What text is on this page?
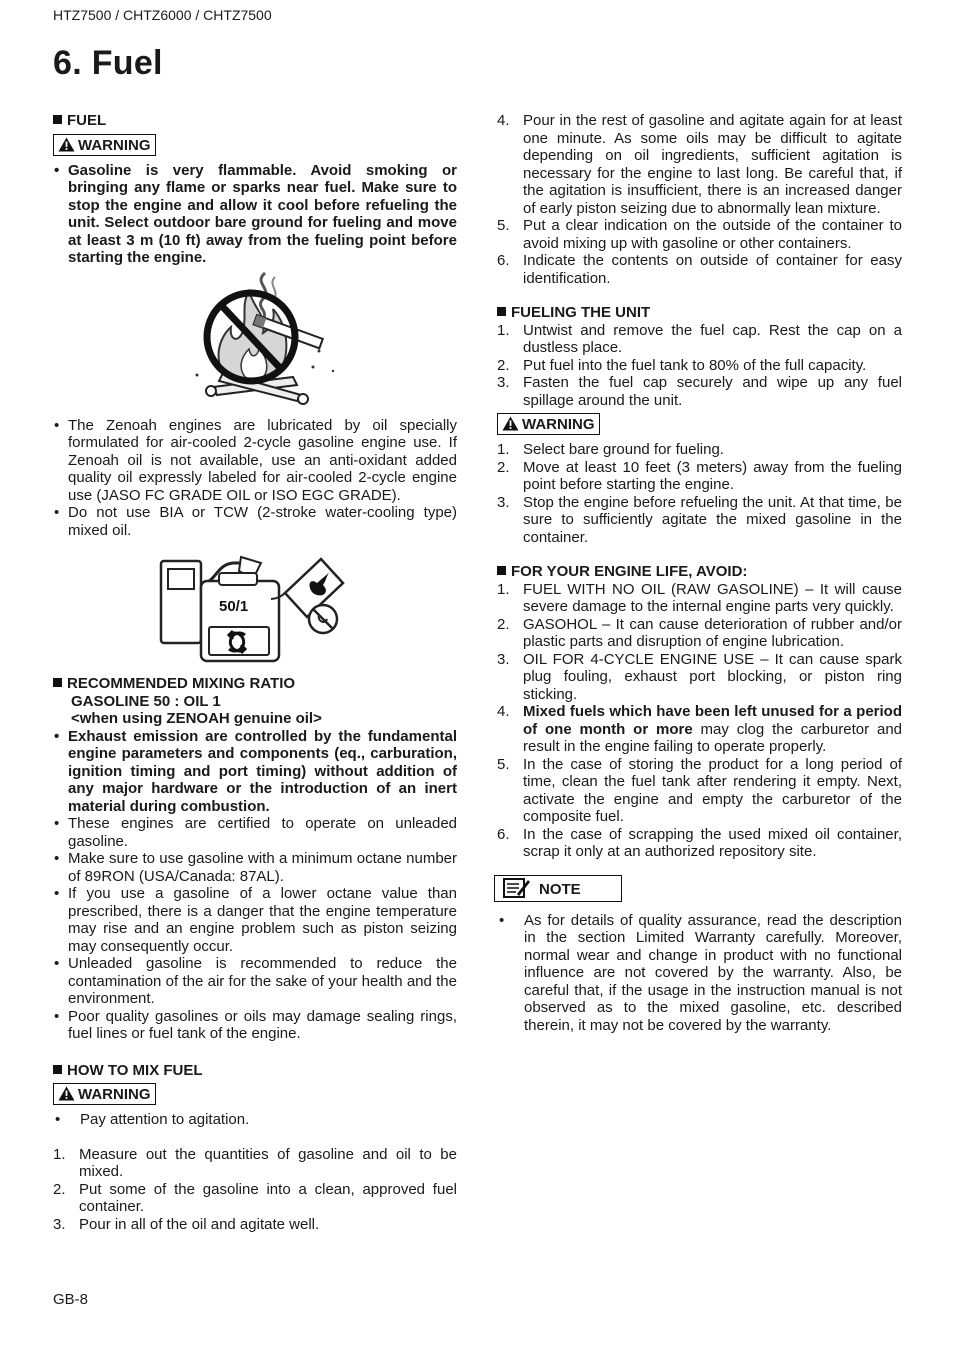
HTZ7500 / CHTZ6000 / CHTZ7500
6. Fuel

FUEL

WARNING
• Gasoline is very flammable. Avoid smoking or bringing any flame or sparks near fuel. Make sure to stop the engine and allow it cool before refueling the unit. Select outdoor bare ground for fueling and move at least 3 m (10 ft) away from the fueling point before starting the engine.
• The Zenoah engines are lubricated by oil specially formulated for air-cooled 2-cycle gasoline engine use. If Zenoah oil is not available, use an anti-oxidant added quality oil expressly labeled for air-cooled 2-cycle engine use (JASO FC GRADE OIL or ISO EGC GRADE).
• Do not use BIA or TCW (2-stroke water-cooling type) mixed oil.
50/1

RECOMMENDED MIXING RATIO

GASOLINE 50 : OIL 1
<when using ZENOAH genuine oil>
• Exhaust emission are controlled by the fundamental engine parameters and components (eq., carburation, ignition timing and port timing) without addition of any major hardware or the introduction of an inert material during combustion.
• These engines are certified to operate on unleaded gasoline.
• Make sure to use gasoline with a minimum octane number of 89RON (USA/Canada: 87AL).
• If you use a gasoline of a lower octane value than prescribed, there is a danger that the engine temperature may rise and an engine problem such as piston seizing may consequently occur.
• Unleaded gasoline is recommended to reduce the contamination of the air for the sake of your health and the environment.
• Poor quality gasolines or oils may damage sealing rings, fuel lines or fuel tank of the engine.

HOW TO MIX FUEL

WARNING
• Pay attention to agitation.
1. Measure out the quantities of gasoline and oil to be mixed.
2. Put some of the gasoline into a clean, approved fuel container.
3. Pour in all of the oil and agitate well.
4. Pour in the rest of gasoline and agitate again for at least one minute. As some oils may be difficult to agitate depending on oil ingredients, sufficient agitation is necessary for the engine to last long. Be careful that, if the agitation is insufficient, there is an increased danger of early piston seizing due to abnormally lean mixture.
5. Put a clear indication on the outside of the container to avoid mixing up with gasoline or other containers.
6. Indicate the contents on outside of container for easy identification.

FUELING THE UNIT

1. Untwist and remove the fuel cap. Rest the cap on a dustless place.
2. Put fuel into the fuel tank to 80% of the full capacity.
3. Fasten the fuel cap securely and wipe up any fuel spillage around the unit.
WARNING
1. Select bare ground for fueling.
2. Move at least 10 feet (3 meters) away from the fueling point before starting the engine.
3. Stop the engine before refueling the unit. At that time, be sure to sufficiently agitate the mixed gasoline in the container.

FOR YOUR ENGINE LIFE, AVOID:

1. FUEL WITH NO OIL (RAW GASOLINE) – It will cause severe damage to the internal engine parts very quickly.
2. GASOHOL – It can cause deterioration of rubber and/or plastic parts and disruption of engine lubrication.
3. OIL FOR 4-CYCLE ENGINE USE – It can cause spark plug fouling, exhaust port blocking, or piston ring sticking.
4. Mixed fuels which have been left unused for a period of one month or more may clog the carburetor and result in the engine failing to operate properly.
5. In the case of storing the product for a long period of time, clean the fuel tank after rendering it empty. Next, activate the engine and empty the carburetor of the composite fuel.
6. In the case of scrapping the used mixed oil container, scrap it only at an authorized repository site.
NOTE
• As for details of quality assurance, read the description in the section Limited Warranty carefully. Moreover, normal wear and change in product with no functional influence are not covered by the warranty. Also, be careful that, if the usage in the instruction manual is not observed as to the mixed gasoline, etc. described therein, it may not be covered by the warranty.
GB-8
